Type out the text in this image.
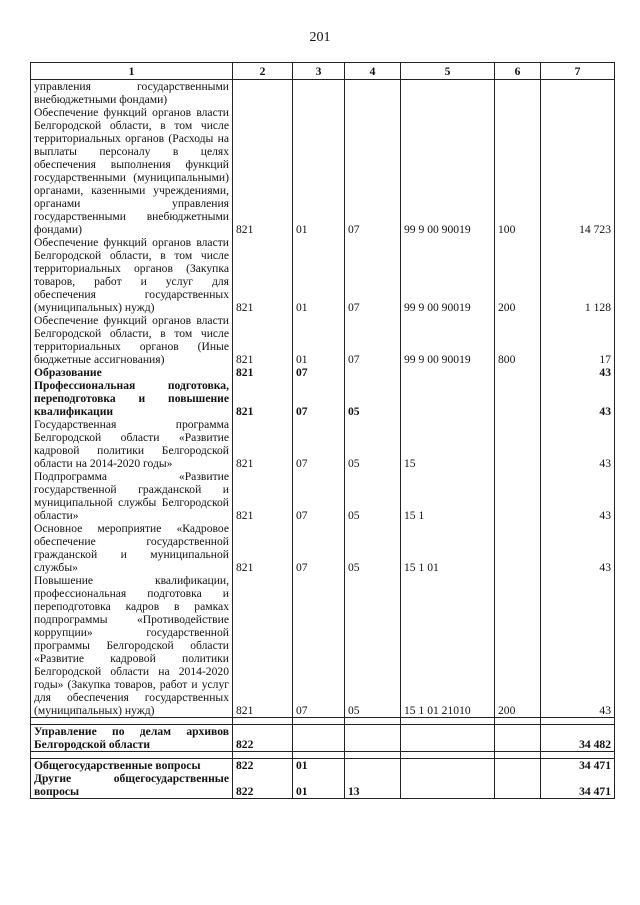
201
1	2	3	4	5	6	7
управления государственными внебюджетными фондами)						
Обеспечение функций органов власти Белгородской области, в том числе территориальных органов (Расходы на выплаты персоналу в целях обеспечения выполнения функций государственными (муниципальными) органами, казенными учреждениями, органами управления государственными внебюджетными фондами)	821	01	07	99 9 00 90019	100	14 723
Обеспечение функций органов власти Белгородской области, в том числе территориальных органов (Закупка товаров, работ и услуг для обеспечения государственных (муниципальных) нужд)	821	01	07	99 9 00 90019	200	1 128
Обеспечение функций органов власти Белгородской области, в том числе территориальных органов (Иные бюджетные ассигнования)	821	01	07	99 9 00 90019	800	17
Образование	821	07				43
Профессиональная подготовка, переподготовка и повышение квалификации	821	07	05			43
Государственная программа Белгородской области «Развитие кадровой политики Белгородской области на 2014-2020 годы»	821	07	05	15		43
Подпрограмма «Развитие государственной гражданской и муниципальной службы Белгородской области»	821	07	05	15 1		43
Основное мероприятие «Кадровое обеспечение государственной гражданской и муниципальной службы»	821	07	05	15 1 01		43
Повышение квалификации, профессиональная подготовка и переподготовка кадров в рамках подпрограммы «Противодействие коррупции» государственной программы Белгородской области «Развитие кадровой политики Белгородской области на 2014-2020 годы» (Закупка товаров, работ и услуг для обеспечения государственных (муниципальных) нужд)	821	07	05	15 1 01 21010	200	43

Управление по делам архивов Белгородской области	822					34 482

Общегосударственные вопросы	822	01				34 471
Другие общегосударственные вопросы	822	01	13			34 471
